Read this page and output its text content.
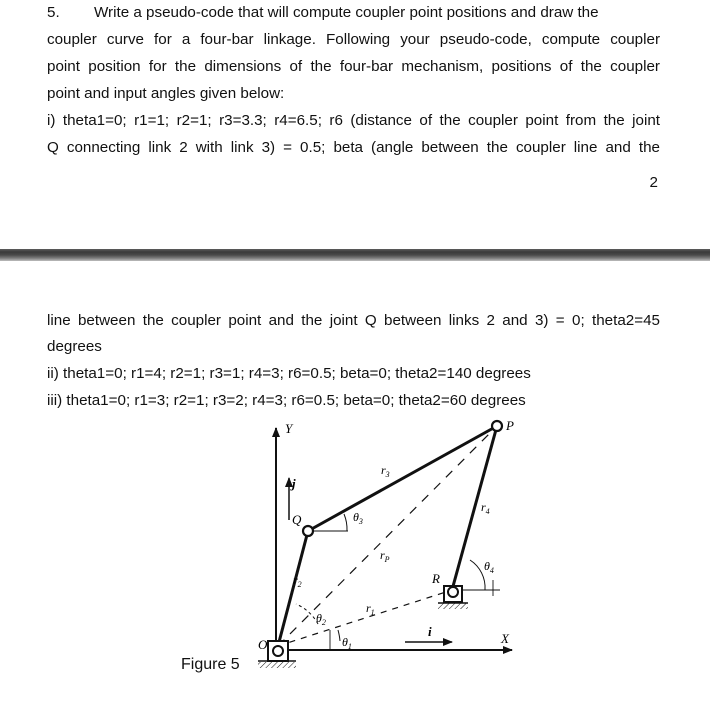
5. Write a pseudo-code that will compute coupler point positions and draw the
coupler curve for a four-bar linkage. Following your pseudo-code, compute coupler
point position for the dimensions of the four-bar mechanism, positions of the coupler
point and input angles given below:
i) theta1=0; r1=1; r2=1; r3=3.3; r4=6.5; r6 (distance of the coupler point from the joint
Q connecting link 2 with link 3) = 0.5; beta (angle between the coupler line and the
2
line between the coupler point and the joint Q between links 2 and 3) = 0; theta2=45
degrees
ii) theta1=0; r1=4; r2=1; r3=1; r4=3; r6=0.5; beta=0; theta2=140 degrees
iii) theta1=0; r1=3; r2=1; r3=2; r4=3; r6=0.5; beta=0; theta2=60 degrees
Y
X
j
i
O
Q
R
P
$r_1$
$r_2$
$r_3$
$r_4$
$r_P$
$\theta_1$
$\theta_2$
$\theta_3$
$\theta_4$
Figure 5
